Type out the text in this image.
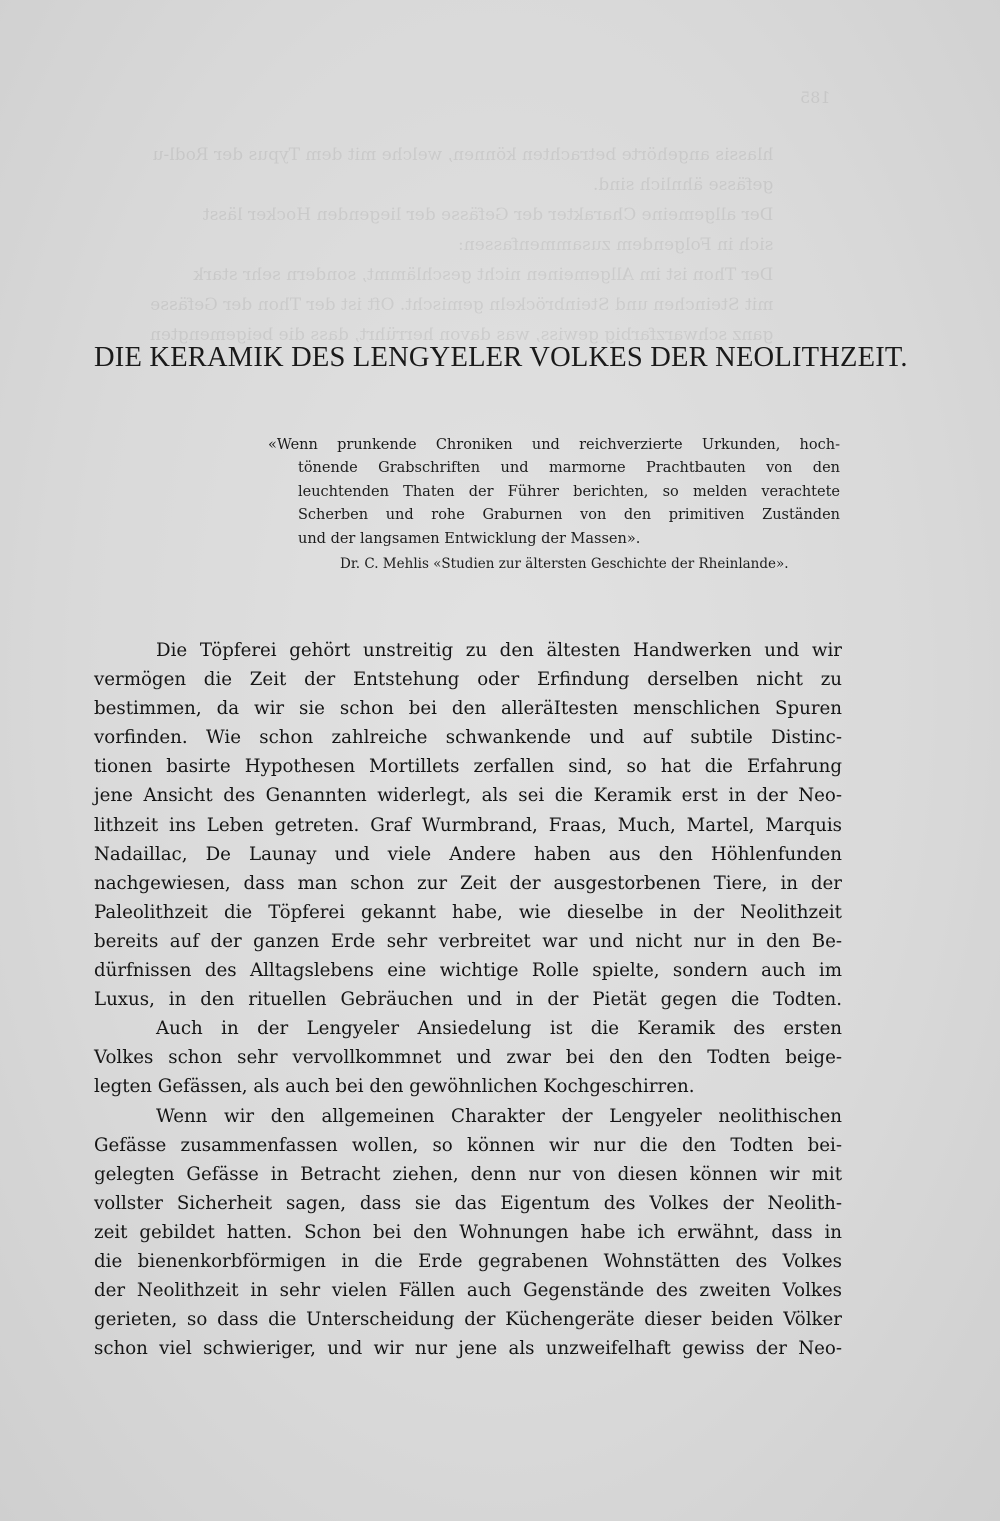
185
hlassis angehörte betrachten können, welche mit dem Typus der Rodl-u
gefässe ähnlich sind.
Der allgemeine Charakter der Gefässe der liegenden Hocker lässt
sich in Folgendem zusammenfassen:
Der Thon ist im Allgemeinen nicht geschlämmt, sondern sehr stark
mit Steinchen und Steinbröckeln gemischt. Oft ist der Thon der Gefässe
ganz schwarzfarbig gewiss, was davon herrührt, dass die beigemengten
DIE KERAMIK DES LENGYELER VOLKES DER NEOLITHZEIT.
«Wenn prunkende Chroniken und reichverzierte Urkunden, hoch-
tönende Grabschriften und marmorne Prachtbauten von den
leuchtenden Thaten der Führer berichten, so melden verachtete
Scherben und rohe Graburnen von den primitiven Zuständen
und der langsamen Entwicklung der Massen».
Dr. C. Mehlis «Studien zur ältersten Geschichte der Rheinlande».
Die Töpferei gehört unstreitig zu den ältesten Handwerken und wir
vermögen die Zeit der Entstehung oder Erfindung derselben nicht zu
bestimmen, da wir sie schon bei den alleräItesten menschlichen Spuren
vorfinden. Wie schon zahlreiche schwankende und auf subtile Distinc-
tionen basirte Hypothesen Mortillets zerfallen sind, so hat die Erfahrung
jene Ansicht des Genannten widerlegt, als sei die Keramik erst in der Neo-
lithzeit ins Leben getreten. Graf Wurmbrand, Fraas, Much, Martel, Marquis
Nadaillac, De Launay und viele Andere haben aus den Höhlenfunden
nachgewiesen, dass man schon zur Zeit der ausgestorbenen Tiere, in der
Paleolithzeit die Töpferei gekannt habe, wie dieselbe in der Neolithzeit
bereits auf der ganzen Erde sehr verbreitet war und nicht nur in den Be-
dürfnissen des Alltagslebens eine wichtige Rolle spielte, sondern auch im
Luxus, in den rituellen Gebräuchen und in der Pietät gegen die Todten.
Auch in der Lengyeler Ansiedelung ist die Keramik des ersten
Volkes schon sehr vervollkommnet und zwar bei den den Todten beige-
legten Gefässen, als auch bei den gewöhnlichen Kochgeschirren.
Wenn wir den allgemeinen Charakter der Lengyeler neolithischen
Gefässe zusammenfassen wollen, so können wir nur die den Todten bei-
gelegten Gefässe in Betracht ziehen, denn nur von diesen können wir mit
vollster Sicherheit sagen, dass sie das Eigentum des Volkes der Neolith-
zeit gebildet hatten. Schon bei den Wohnungen habe ich erwähnt, dass in
die bienenkorbförmigen in die Erde gegrabenen Wohnstätten des Volkes
der Neolithzeit in sehr vielen Fällen auch Gegenstände des zweiten Volkes
gerieten, so dass die Unterscheidung der Küchengeräte dieser beiden Völker
schon viel schwieriger, und wir nur jene als unzweifelhaft gewiss der Neo-
